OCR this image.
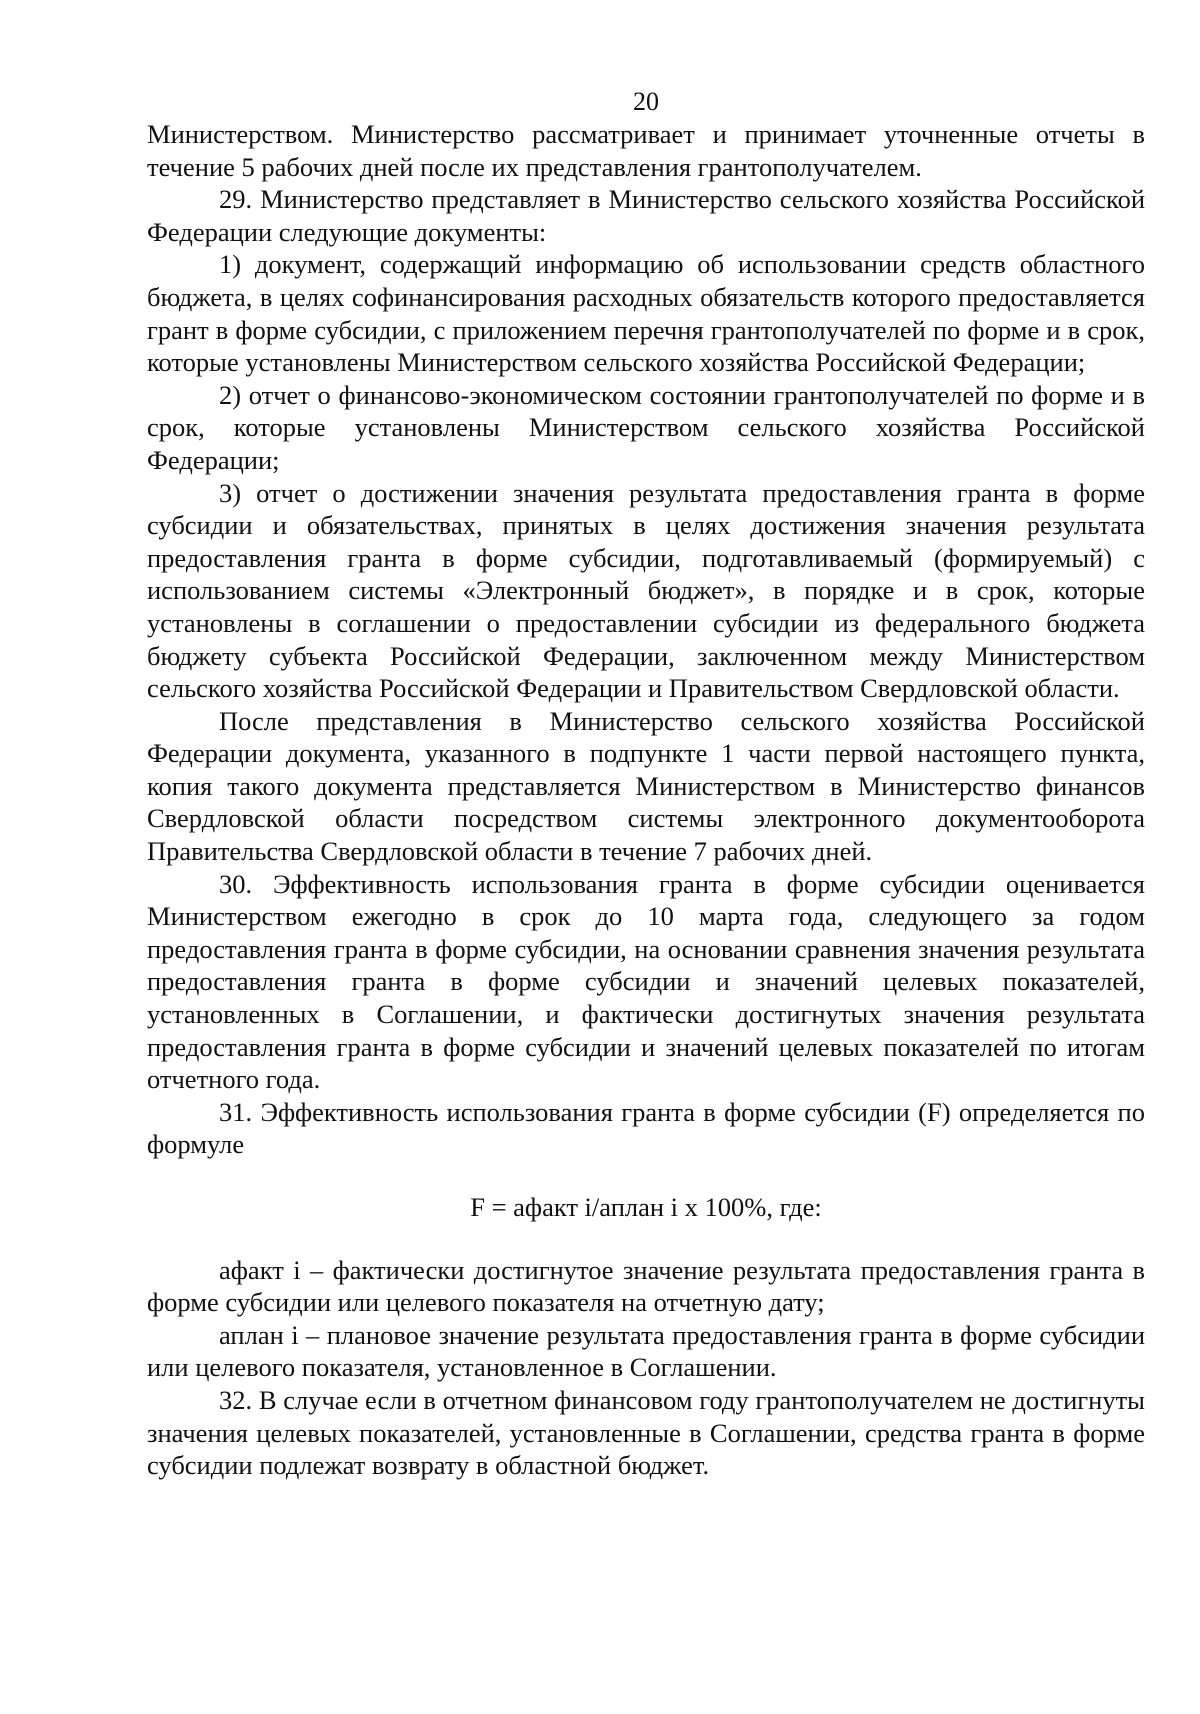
20

Министерством. Министерство рассматривает и принимает уточненные отчеты в течение 5 рабочих дней после их представления грантополучателем.

29. Министерство представляет в Министерство сельского хозяйства Российской Федерации следующие документы:

1) документ, содержащий информацию об использовании средств областного бюджета, в целях софинансирования расходных обязательств которого предоставляется грант в форме субсидии, с приложением перечня грантополучателей по форме и в срок, которые установлены Министерством сельского хозяйства Российской Федерации;

2) отчет о финансово-экономическом состоянии грантополучателей по форме и в срок, которые установлены Министерством сельского хозяйства Российской Федерации;

3) отчет о достижении значения результата предоставления гранта в форме субсидии и обязательствах, принятых в целях достижения значения результата предоставления гранта в форме субсидии, подготавливаемый (формируемый) с использованием системы «Электронный бюджет», в порядке и в срок, которые установлены в соглашении о предоставлении субсидии из федерального бюджета бюджету субъекта Российской Федерации, заключенном между Министерством сельского хозяйства Российской Федерации и Правительством Свердловской области.

После представления в Министерство сельского хозяйства Российской Федерации документа, указанного в подпункте 1 части первой настоящего пункта, копия такого документа представляется Министерством в Министерство финансов Свердловской области посредством системы электронного документооборота Правительства Свердловской области в течение 7 рабочих дней.

30. Эффективность использования гранта в форме субсидии оценивается Министерством ежегодно в срок до 10 марта года, следующего за годом предоставления гранта в форме субсидии, на основании сравнения значения результата предоставления гранта в форме субсидии и значений целевых показателей, установленных в Соглашении, и фактически достигнутых значения результата предоставления гранта в форме субсидии и значений целевых показателей по итогам отчетного года.

31. Эффективность использования гранта в форме субсидии (F) определяется по формуле

F = афакт i/аплан i х 100%, где:

афакт i – фактически достигнутое значение результата предоставления гранта в форме субсидии или целевого показателя на отчетную дату;

аплан i – плановое значение результата предоставления гранта в форме субсидии или целевого показателя, установленное в Соглашении.

32. В случае если в отчетном финансовом году грантополучателем не достигнуты значения целевых показателей, установленные в Соглашении, средства гранта в форме субсидии подлежат возврату в областной бюджет.
